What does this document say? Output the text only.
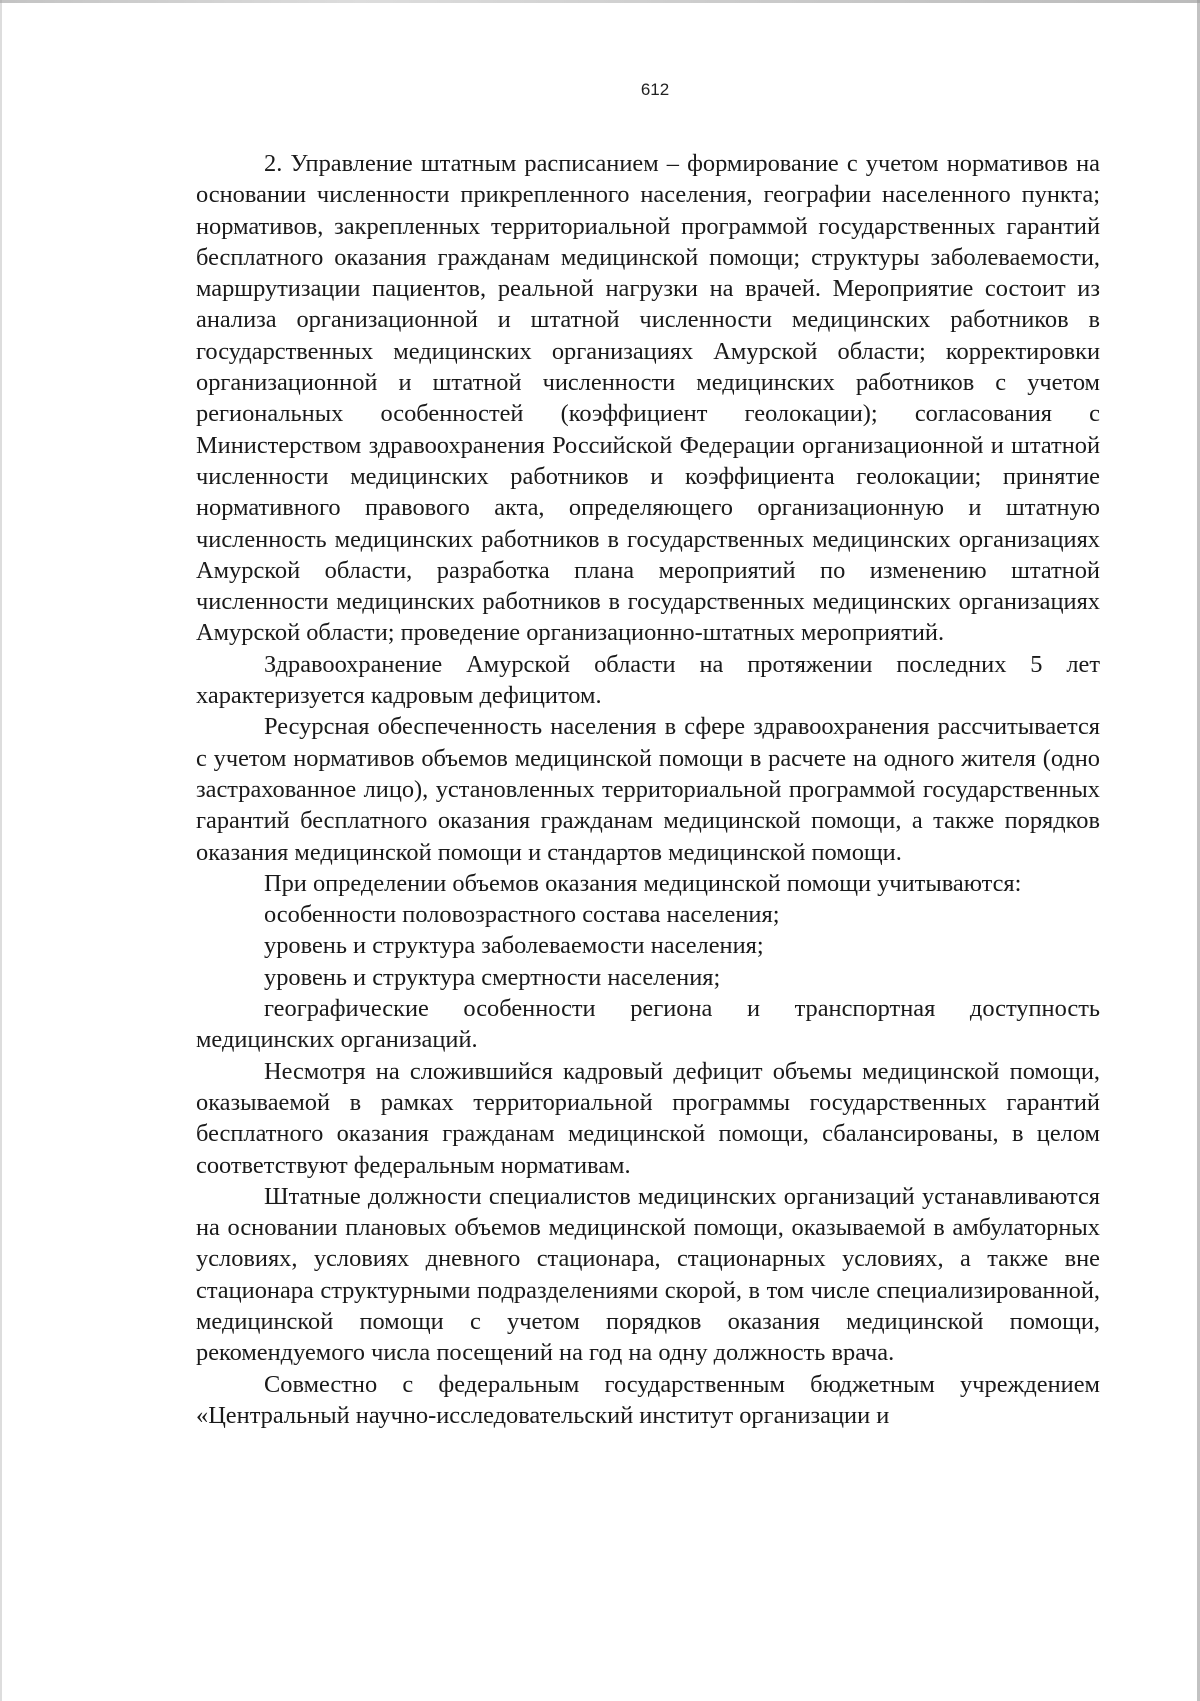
612

2. Управление штатным расписанием – формирование с учетом нормативов на основании численности прикрепленного населения, географии населенного пункта; нормативов, закрепленных территориальной программой государственных гарантий бесплатного оказания гражданам медицинской помощи; структуры заболеваемости, маршрутизации пациентов, реальной нагрузки на врачей. Мероприятие состоит из анализа организационной и штатной численности медицинских работников в государственных медицинских организациях Амурской области; корректировки организационной и штатной численности медицинских работников с учетом региональных особенностей (коэффициент геолокации); согласования с Министерством здравоохранения Российской Федерации организационной и штатной численности медицинских работников и коэффициента геолокации; принятие нормативного правового акта, определяющего организационную и штатную численность медицинских работников в государственных медицинских организациях Амурской области, разработка плана мероприятий по изменению штатной численности медицинских работников в государственных медицинских организациях Амурской области; проведение организационно-штатных мероприятий.

Здравоохранение Амурской области на протяжении последних 5 лет характеризуется кадровым дефицитом.

Ресурсная обеспеченность населения в сфере здравоохранения рассчитывается с учетом нормативов объемов медицинской помощи в расчете на одного жителя (одно застрахованное лицо), установленных территориальной программой государственных гарантий бесплатного оказания гражданам медицинской помощи, а также порядков оказания медицинской помощи и стандартов медицинской помощи.

При определении объемов оказания медицинской помощи учитываются:

особенности половозрастного состава населения;

уровень и структура заболеваемости населения;

уровень и структура смертности населения;

географические особенности региона и транспортная доступность медицинских организаций.

Несмотря на сложившийся кадровый дефицит объемы медицинской помощи, оказываемой в рамках территориальной программы государственных гарантий бесплатного оказания гражданам медицинской помощи, сбалансированы, в целом соответствуют федеральным нормативам.

Штатные должности специалистов медицинских организаций устанавливаются на основании плановых объемов медицинской помощи, оказываемой в амбулаторных условиях, условиях дневного стационара, стационарных условиях, а также вне стационара структурными подразделениями скорой, в том числе специализированной, медицинской помощи с учетом порядков оказания медицинской помощи, рекомендуемого числа посещений на год на одну должность врача.

Совместно с федеральным государственным бюджетным учреждением «Центральный научно-исследовательский институт организации и
